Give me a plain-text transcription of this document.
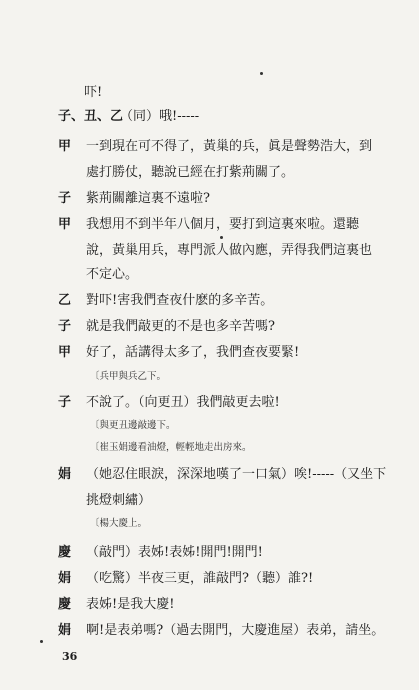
吓!
子、丑、乙
（同）哦!-----
甲	一到現在可不得了，黃巢的兵，眞是聲勢浩大，到
處打勝仗，聽說已經在打紫荊關了。
子	紫荊關離這裏不遠啦?
甲	我想用不到半年八個月，要打到這裏來啦。還聽
說，黃巢用兵，專門派人做內應，弄得我們這裏也
不定心。
乙	對吓!害我們查夜什麽的多辛苦。
子	就是我們敲更的不是也多辛苦嗎?
甲	好了，話講得太多了，我們查夜要緊!
〔兵甲與兵乙下。
子	不說了。（向更丑）我們敲更去啦!
〔與更丑邊敲邊下。
〔崔玉娟邊看油燈，輕輕地走出房來。
娟	（她忍住眼淚，深深地嘆了一口氣）唉!-----（又坐下
挑燈刺繡）
〔楊大慶上。
慶	（敲門）表姊!表姊!開門!開門!
娟	（吃驚）半夜三更，誰敲門?（聽）誰?!
慶	表姊!是我大慶!
娟	啊!是表弟嗎?（過去開門，大慶進屋）表弟，請坐。
36
